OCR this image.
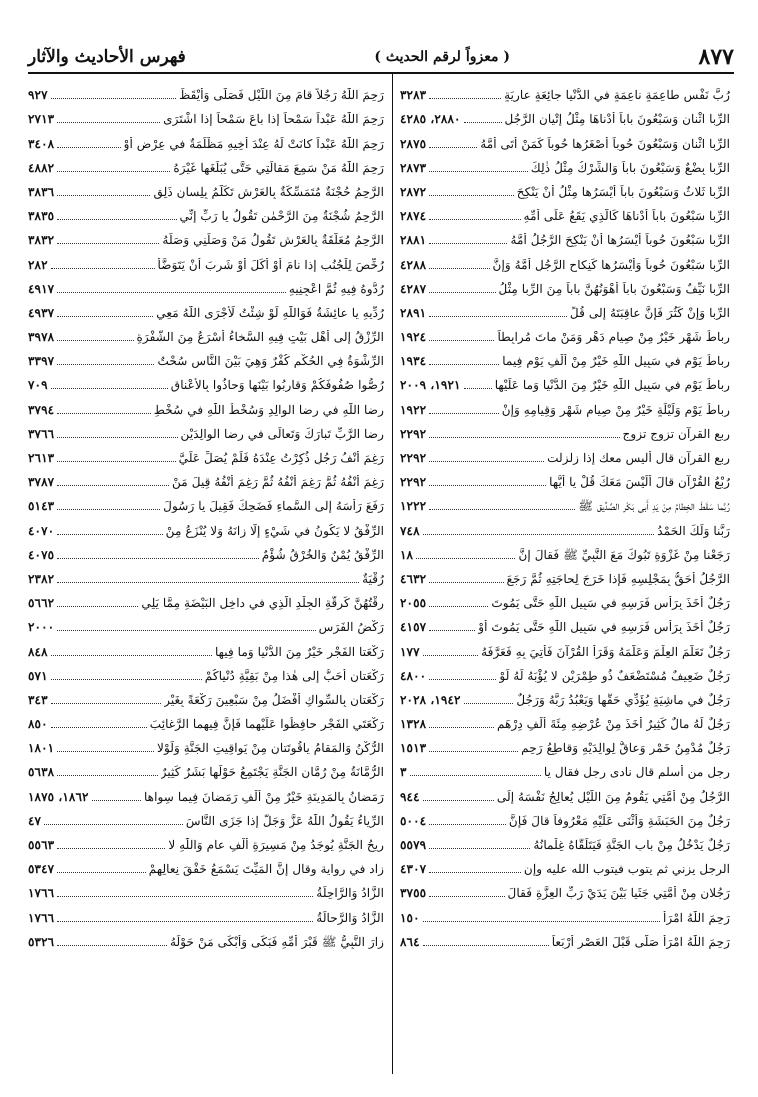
٨٧٧
( معزواً لرقم الحديث )
فهرس الأحاديث والآثار
رُبَّ نَفْسٍ طاعِمَةٍ ناعِمَةٍ في الدُّنْيا جائِعَةٍ عارِيَةٍ
٣٢٨٣
الرِّبا اثْنانِ وَسَبْعُونَ باباً أَدْناهَا مِثْلُ إِتْيانِ الرَّجُلِ
٢٨٨٠، ٤٢٨٥
الرِّبا اثْنانِ وَسَبْعُونَ حُوباً أَصْغَرُها حُوباً كَمَنْ أَتَى أُمَّهُ
٢٨٧٥
الرِّبا بِضْعٌ وَسَبْعُونَ باباً وَالشِّرْكُ مِثْلُ ذٰلِكَ
٢٨٧٣
الرِّبا ثَلاثٌ وَسَبْعُونَ باباً أَيْسَرُها مِثْلُ أَنْ يَنْكِحَ
٢٨٧٢
الرِّبا سَبْعُونَ باباً أَدْناهَا كَالَّذِي يَقَعُ عَلَى أُمِّهِ
٢٨٧٤
الرِّبا سَبْعُونَ حُوباً أَيْسَرُها أَنْ يَنْكِحَ الرَّجُلُ أُمَّهُ
٢٨٨١
الرِّبا سَبْعُونَ حُوباً وَأَيْسَرُها كَنِكاحِ الرَّجُلِ أُمَّهُ وَإِنَّ
٤٢٨٨
الرِّبا نَيِّفٌ وَسَبْعُونَ باباً أَهْوَنُهُنَّ باباً مِنَ الرِّبا مِثْلُ
٤٢٨٧
الرِّبا وَإِنْ كَثُرَ فَإِنَّ عاقِبَتَهُ إِلى قُلٍّ
٢٨٩١
رِباطُ شَهْرٍ خَيْرٌ مِنْ صِيامِ دَهْرٍ وَمَنْ ماتَ مُرابِطاً
١٩٢٤
رِباطُ يَوْمٍ في سَبِيلِ اللّٰهِ خَيْرٌ مِنْ أَلْفِ يَوْمٍ فِيما
١٩٣٤
رِباطُ يَوْمٍ في سَبِيلِ اللّٰهِ خَيْرٌ مِنَ الدُّنْيا وَما عَلَيْها
١٩٢١، ٢٠٠٩
رِباطُ يَوْمٍ وَلَيْلَةٍ خَيْرٌ مِنْ صِيامِ شَهْرٍ وَقِيامِهِ وَإِنْ
١٩٢٢
ربع القرآن تزوج تزوج
٢٢٩٢
ربع القرآن قال أليس معك إذا زلزلت
٢٢٩٢
رُبْعُ القُرْآنِ قالَ أَلَيْسَ مَعَكَ قُلْ يا أَيُّها
٢٢٩٢
رُبَّما سَقَطَ الخِطامُ مِنْ يَدِ أَبِي بَكْرٍ الصِّدِّيقِ ﷺ
١٢٢٢
رَبَّنا وَلَكَ الحَمْدُ
٧٤٨
رَجَعْنا مِنْ غَزْوَةِ تَبُوكَ مَعَ النَّبِيِّ ﷺ فَقالَ إِنَّ
١٨
الرَّجُلُ أَحَقُّ بِمَجْلِسِهِ فَإِذا خَرَجَ لِحاجَتِهِ ثُمَّ رَجَعَ
٤٦٣٢
رَجُلٌ أَخَذَ بِرَأْسِ فَرَسِهِ في سَبِيلِ اللّٰهِ حَتَّى يَمُوتَ
٢٠٥٥
رَجُلٌ أَخَذَ بِرَأْسِ فَرَسِهِ في سَبِيلِ اللّٰهِ حَتَّى يَمُوتَ أَوْ
٤١٥٧
رَجُلٌ تَعَلَّمَ العِلْمَ وَعَلَّمَهُ وَقَرَأَ القُرْآنَ فَأُتِيَ بِهِ فَعَرَّفَهُ
١٧٧
رَجُلٌ ضَعِيفٌ مُسْتَضْعَفٌ ذُو طِمْرَيْنِ لا يُؤْبَهُ لَهُ لَوْ
٤٨٠٠
رَجُلٌ في ماشِيَةٍ يُؤَدِّي حَقَّها وَيَعْبُدُ رَبَّهُ وَرَجُلٌ
١٩٤٢، ٢٠٢٨
رَجُلٌ لَهُ مالٌ كَثِيرٌ أَخَذَ مِنْ عُرْضِهِ مِئَةَ أَلْفِ دِرْهَمٍ
١٣٢٨
رَجُلٌ مُدْمِنُ خَمْرٍ وَعاقٌّ لِوالِدَيْهِ وَقاطِعُ رَحِمٍ
١٥١٣
رجل من أسلم قال نادى رجل فقال يا
٣
الرَّجُلُ مِنْ أُمَّتِي يَقُومُ مِنَ اللَّيْلِ يُعالِجُ نَفْسَهُ إِلَى
٩٤٤
رَجُلٌ مِنَ الحَبَشَةِ وَأَثْنَى عَلَيْهِ مَعْرُوفاً قالَ فَإِنَّ
٥٠٠٤
رَجُلٌ يَدْخُلُ مِنْ بابِ الجَنَّةِ فَيَتَلَقَّاهُ غِلْمانُهُ
٥٥٧٩
الرجل يزني ثم يتوب فيتوب الله عليه وإن
٤٣٠٧
رَجُلانِ مِنْ أُمَّتِي جَثَيا بَيْنَ يَدَيْ رَبِّ العِزَّةِ فَقالَ
٣٧٥٥
رَحِمَ اللّٰهُ امْرَأً
١٥٠
رَحِمَ اللّٰهُ امْرَأً صَلَّى قَبْلَ العَصْرِ أَرْبَعاً
٨٦٤
رَحِمَ اللّٰهُ رَجُلاً قامَ مِنَ اللَّيْلِ فَصَلَّى وَأَيْقَظَ
٩٢٧
رَحِمَ اللّٰهُ عَبْداً سَمْحاً إِذا باعَ سَمْحاً إِذا اشْتَرَى
٢٧١٣
رَحِمَ اللّٰهُ عَبْداً كانَتْ لَهُ عِنْدَ أَخِيهِ مَظْلَمَةٌ في عِرْضٍ أَوْ
٣٤٠٨
رَحِمَ اللّٰهُ مَنْ سَمِعَ مَقالَتِي حَتَّى يُبَلِّغَها غَيْرَهُ
٤٨٨٢
الرَّحِمُ حُجْنَةٌ مُتَمَسِّكَةٌ بِالعَرْشِ تَكَلَّمُ بِلِسانٍ ذَلِقٍ
٣٨٣٦
الرَّحِمُ شُجْنَةٌ مِنَ الرَّحْمٰنِ تَقُولُ يا رَبِّ إِنِّي
٣٨٣٥
الرَّحِمُ مُعَلَّقَةٌ بِالعَرْشِ تَقُولُ مَنْ وَصَلَنِي وَصَلَهُ
٣٨٣٢
رُخِّصَ لِلْجُنُبِ إِذا نامَ أَوْ أَكَلَ أَوْ شَرِبَ أَنْ يَتَوَضَّأَ
٢٨٢
رُدُّوهُ فِيهِ ثُمَّ اعْجِنِيهِ
٤٩١٧
رُدِّيهِ يا عائِشَةُ فَوَاللّٰهِ لَوْ شِئْتُ لَأَجْرَى اللّٰهُ مَعِي
٤٩٣٧
الرِّزْقُ إِلى أَهْلِ بَيْتٍ فِيهِ السَّخاءُ أَسْرَعُ مِنَ الشَّفْرَةِ
٣٩٧٨
الرِّشْوَةُ فِي الحُكْمِ كُفْرٌ وَهِيَ بَيْنَ النَّاسِ سُحْتٌ
٣٣٩٧
رُصُّوا صُفُوفَكُمْ وَقارِبُوا بَيْنَها وَحاذُوا بِالأَعْناقِ
٧٠٩
رِضا اللّٰهِ في رِضا الوالِدِ وَسُخْطُ اللّٰهِ في سُخْطِ
٣٧٩٤
رِضا الرَّبِّ تَبارَكَ وَتَعالَى في رِضا الوالِدَيْنِ
٣٧٦٦
رَغِمَ أَنْفُ رَجُلٍ ذُكِرْتُ عِنْدَهُ فَلَمْ يُصَلِّ عَلَيَّ
٢٦١٣
رَغِمَ أَنْفُهُ ثُمَّ رَغِمَ أَنْفُهُ ثُمَّ رَغِمَ أَنْفُهُ قِيلَ مَنْ
٣٧٨٧
رَفَعَ رَأْسَهُ إِلى السَّماءِ فَضَحِكَ فَقِيلَ يا رَسُولَ
٥١٤٣
الرِّفْقُ لا يَكُونُ في شَيْءٍ إِلَّا زانَهُ وَلا يُنْزَعُ مِنْ
٤٠٧٠
الرِّفْقُ يُمْنٌ وَالخُرْقُ شُؤْمٌ
٤٠٧٥
رُقْيَةٌ
٢٣٨٢
رِقْتُهُنَّ كَرِقَّةِ الجِلْدِ الَّذِي في داخِلِ البَيْضَةِ مِمَّا يَلِي
٥٦٦٢
رَكْضُ الفَرَسِ
٢٠٠٠
رَكْعَتا الفَجْرِ خَيْرٌ مِنَ الدُّنْيا وَما فِيها
٨٤٨
رَكْعَتانِ أَحَبُّ إِلى هٰذا مِنْ بَقِيَّةِ دُنْياكُمْ
٥٧١
رَكْعَتانِ بِالسِّواكِ أَفْضَلُ مِنْ سَبْعِينَ رَكْعَةً بِغَيْرِ
٣٤٣
رَكْعَتَيِ الفَجْرِ حافِظُوا عَلَيْهِما فَإِنَّ فِيهِما الرَّغائِبَ
٨٥٠
الرُّكْنُ وَالمَقامُ ياقُوتَتانِ مِنْ يَواقِيتِ الجَنَّةِ وَلَوْلا
١٨٠١
الرُّمَّانَةُ مِنْ رُمَّانِ الجَنَّةِ يَجْتَمِعُ حَوْلَها بَشَرٌ كَثِيرٌ
٥٦٣٨
رَمَضانُ بِالمَدِينَةِ خَيْرٌ مِنْ أَلْفِ رَمَضانَ فِيما سِواها
١٨٦٢، ١٨٧٥
الرِّياءُ يَقُولُ اللّٰهُ عَزَّ وَجَلَّ إِذا جَزَى النَّاسَ
٤٧
رِيحُ الجَنَّةِ يُوجَدُ مِنْ مَسِيرَةِ أَلْفِ عامٍ وَاللّٰهِ لا
٥٥٦٣
زاد في رواية وقال إِنَّ المَيِّتَ يَسْمَعُ خَفْقَ نِعالِهِمْ
٥٣٤٧
الزَّادُ وَالرَّاحِلَةُ
١٧٦٦
الزَّادُ وَالرَّحالَةُ
١٧٦٦
زارَ النَّبِيُّ ﷺ قَبْرَ أُمِّهِ فَبَكَى وَأَبْكَى مَنْ حَوْلَهُ
٥٣٢٦
